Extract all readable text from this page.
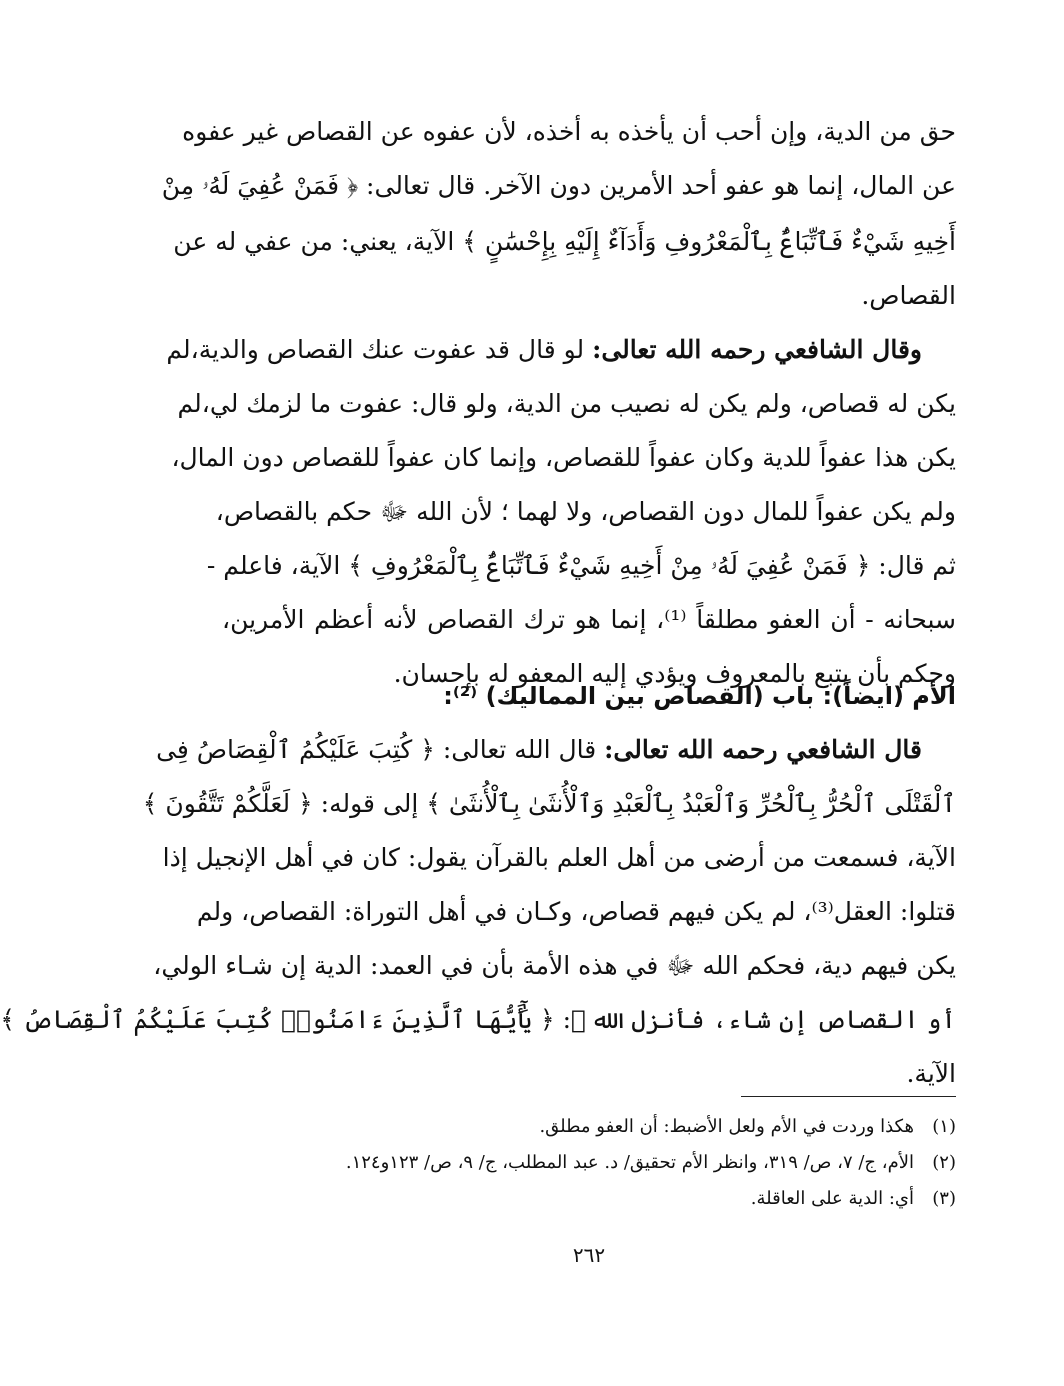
حق من الدية، وإن أحب أن يأخذه به أخذه، لأن عفوه عن القصاص غير عفوه
عن المال، إنما هو عفو أحد الأمرين دون الآخر. قال تعالى: ﴿ فَمَنْ عُفِيَ لَهُۥ مِنْ
أَخِيهِ شَيْءٌ فَٱتِّبَاعٌۢ بِٱلْمَعْرُوفِ وَأَدَآءٌ إِلَيْهِ بِإِحْسَٰنٍ ﴾ الآية، يعني: من عفي له عن
القصاص.
وقال الشافعي رحمه الله تعالى: لو قال قد عفوت عنك القصاص والدية،لم
يكن له قصاص، ولم يكن له نصيب من الدية، ولو قال: عفوت ما لزمك لي،لم
يكن هذا عفواً للدية وكان عفواً للقصاص، وإنما كان عفواً للقصاص دون المال،
ولم يكن عفواً للمال دون القصاص، ولا لهما ؛ لأن الله ﷻ حكم بالقصاص،
ثم قال: ﴿ فَمَنْ عُفِيَ لَهُۥ مِنْ أَخِيهِ شَيْءٌ فَٱتِّبَاعٌۢ بِٱلْمَعْرُوفِ ﴾ الآية، فاعلم -
سبحانه - أن العفو مطلقاً ⁽¹⁾، إنما هو ترك القصاص لأنه أعظم الأمرين،
وحكم بأن يتبع بالمعروف ويؤدي إليه المعفو له بإحسان.
الأم (ايضاً): باب (القصاص بين المماليك) ⁽²⁾:
قال الشافعي رحمه الله تعالى: قال الله تعالى: ﴿ كُتِبَ عَلَيْكُمُ ٱلْقِصَاصُ فِى
ٱلْقَتْلَى ٱلْحُرُّ بِٱلْحُرِّ وَٱلْعَبْدُ بِٱلْعَبْدِ وَٱلْأُنثَىٰ بِٱلْأُنثَىٰ ﴾ إلى قوله: ﴿ لَعَلَّكُمْ تَتَّقُونَ ﴾
الآية، فسمعت من أرضى من أهل العلم بالقرآن يقول: كان في أهل الإنجيل إذا
قتلوا: العقل⁽³⁾، لم يكن فيهم قصاص، وكـان في أهل التوراة: القصاص، ولم
يكن فيهم دية، فحكم الله ﷻ في هذه الأمة بأن في العمد: الدية إن شـاء الولي،
أو القصاص إن شاء، فأنزل الله ﷻ: ﴿ يَٰٓأَيُّهَا ٱلَّذِينَ ءَامَنُوا۟ كُتِبَ عَلَيْكُمُ ٱلْقِصَاصُ ﴾
الآية.
(١)هكذا وردت في الأم ولعل الأضبط: أن العفو مطلق.
(٢)الأم، ج/ ٧، ص/ ٣١٩، وانظر الأم تحقيق/ د. عبد المطلب، ج/ ٩، ص/ ١٢٣و١٢٤.
(٣)أي: الدية على العاقلة.
٢٦٢
